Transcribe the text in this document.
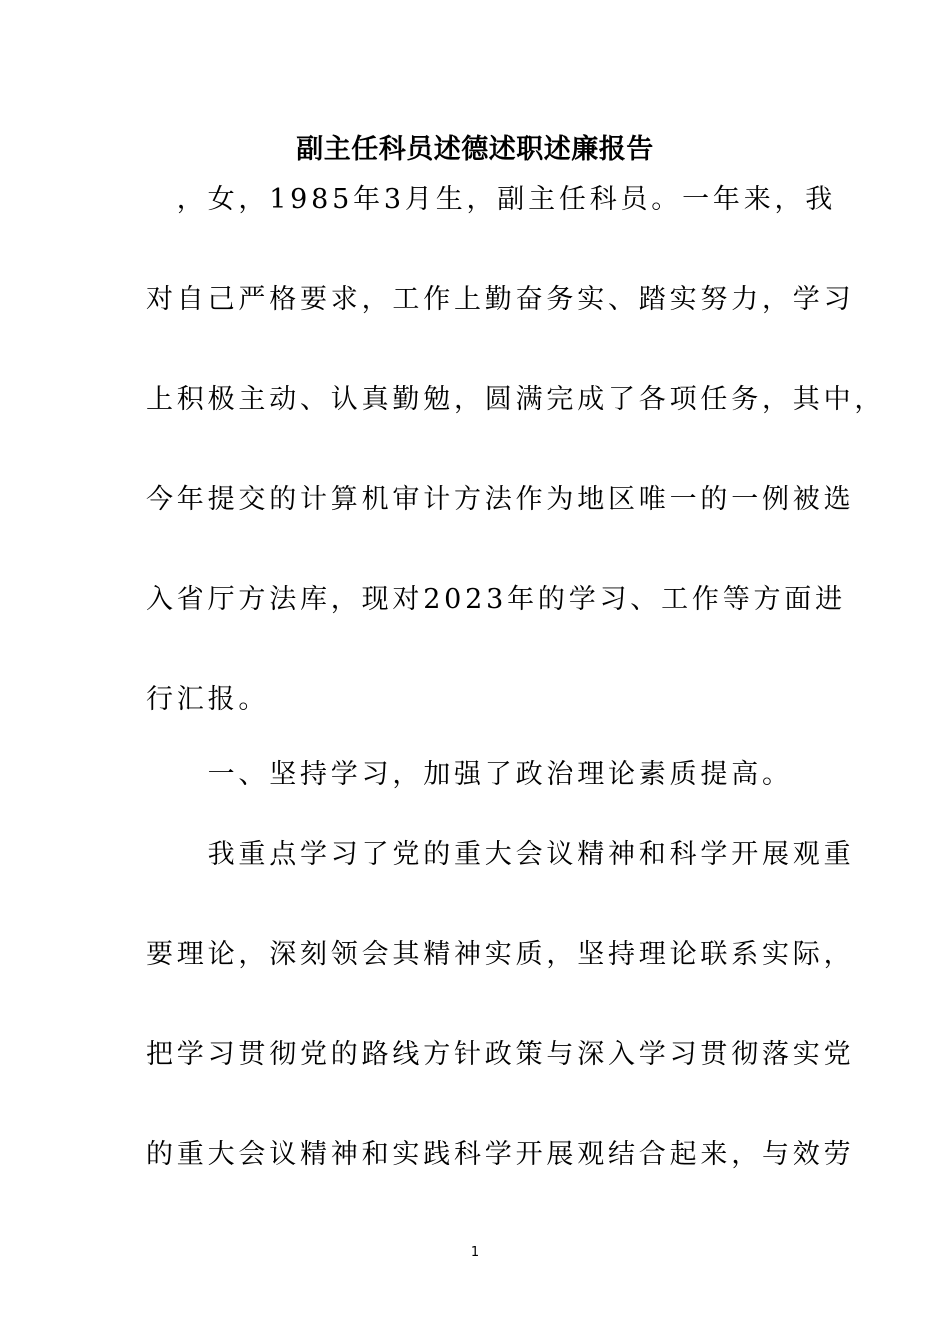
副主任科员述德述职述廉报告
　，女，1985年3月生，副主任科员。一年来，我
对自己严格要求，工作上勤奋务实、踏实努力，学习
上积极主动、认真勤勉，圆满完成了各项任务，其中，
今年提交的计算机审计方法作为地区唯一的一例被选
入省厅方法库，现对2023年的学习、工作等方面进
行汇报。
　　一、坚持学习，加强了政治理论素质提高。
　　我重点学习了党的重大会议精神和科学开展观重
要理论，深刻领会其精神实质，坚持理论联系实际，
把学习贯彻党的路线方针政策与深入学习贯彻落实党
的重大会议精神和实践科学开展观结合起来，与效劳
1
